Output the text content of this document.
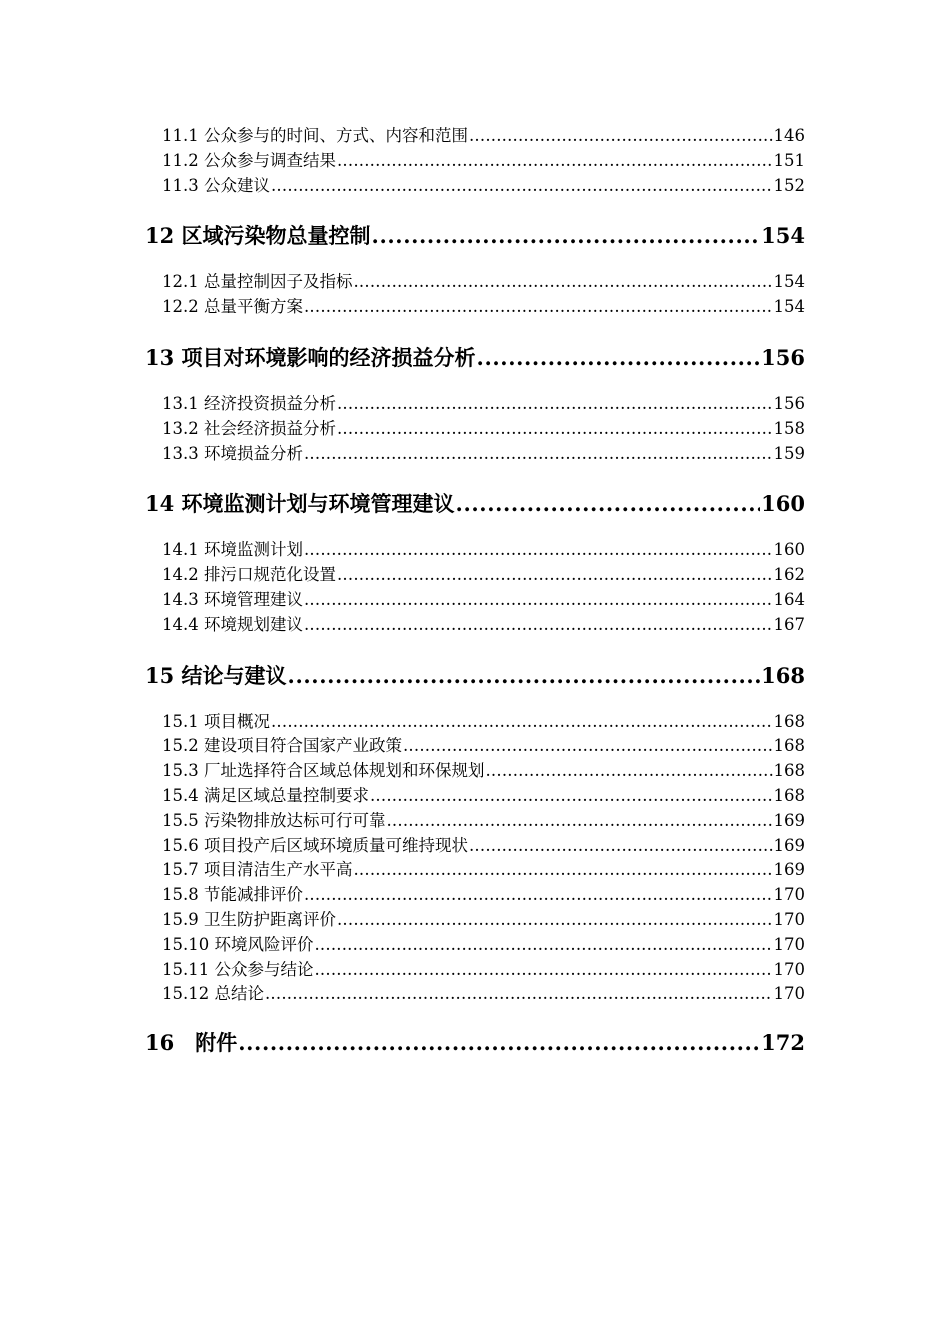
11.1 公众参与的时间、方式、内容和范围 .....	146
11.2 公众参与调查结果 .....	151
11.3 公众建议 .....	152
12 区域污染物总量控制 .....	154
12.1 总量控制因子及指标 .....	154
12.2 总量平衡方案 .....	154
13 项目对环境影响的经济损益分析 .....	156
13.1 经济投资损益分析 .....	156
13.2 社会经济损益分析 .....	158
13.3 环境损益分析 .....	159
14 环境监测计划与环境管理建议 .....	160
14.1 环境监测计划 .....	160
14.2 排污口规范化设置 .....	162
14.3 环境管理建议 .....	164
14.4 环境规划建议 .....	167
15 结论与建议 .....	168
15.1 项目概况 .....	168
15.2 建设项目符合国家产业政策 .....	168
15.3 厂址选择符合区域总体规划和环保规划 .....	168
15.4 满足区域总量控制要求 .....	168
15.5 污染物排放达标可行可靠 .....	169
15.6 项目投产后区域环境质量可维持现状 .....	169
15.7 项目清洁生产水平高 .....	169
15.8 节能减排评价 .....	170
15.9 卫生防护距离评价 .....	170
15.10 环境风险评价 .....	170
15.11 公众参与结论 .....	170
15.12 总结论 .....	170
16　附件 .....	172
